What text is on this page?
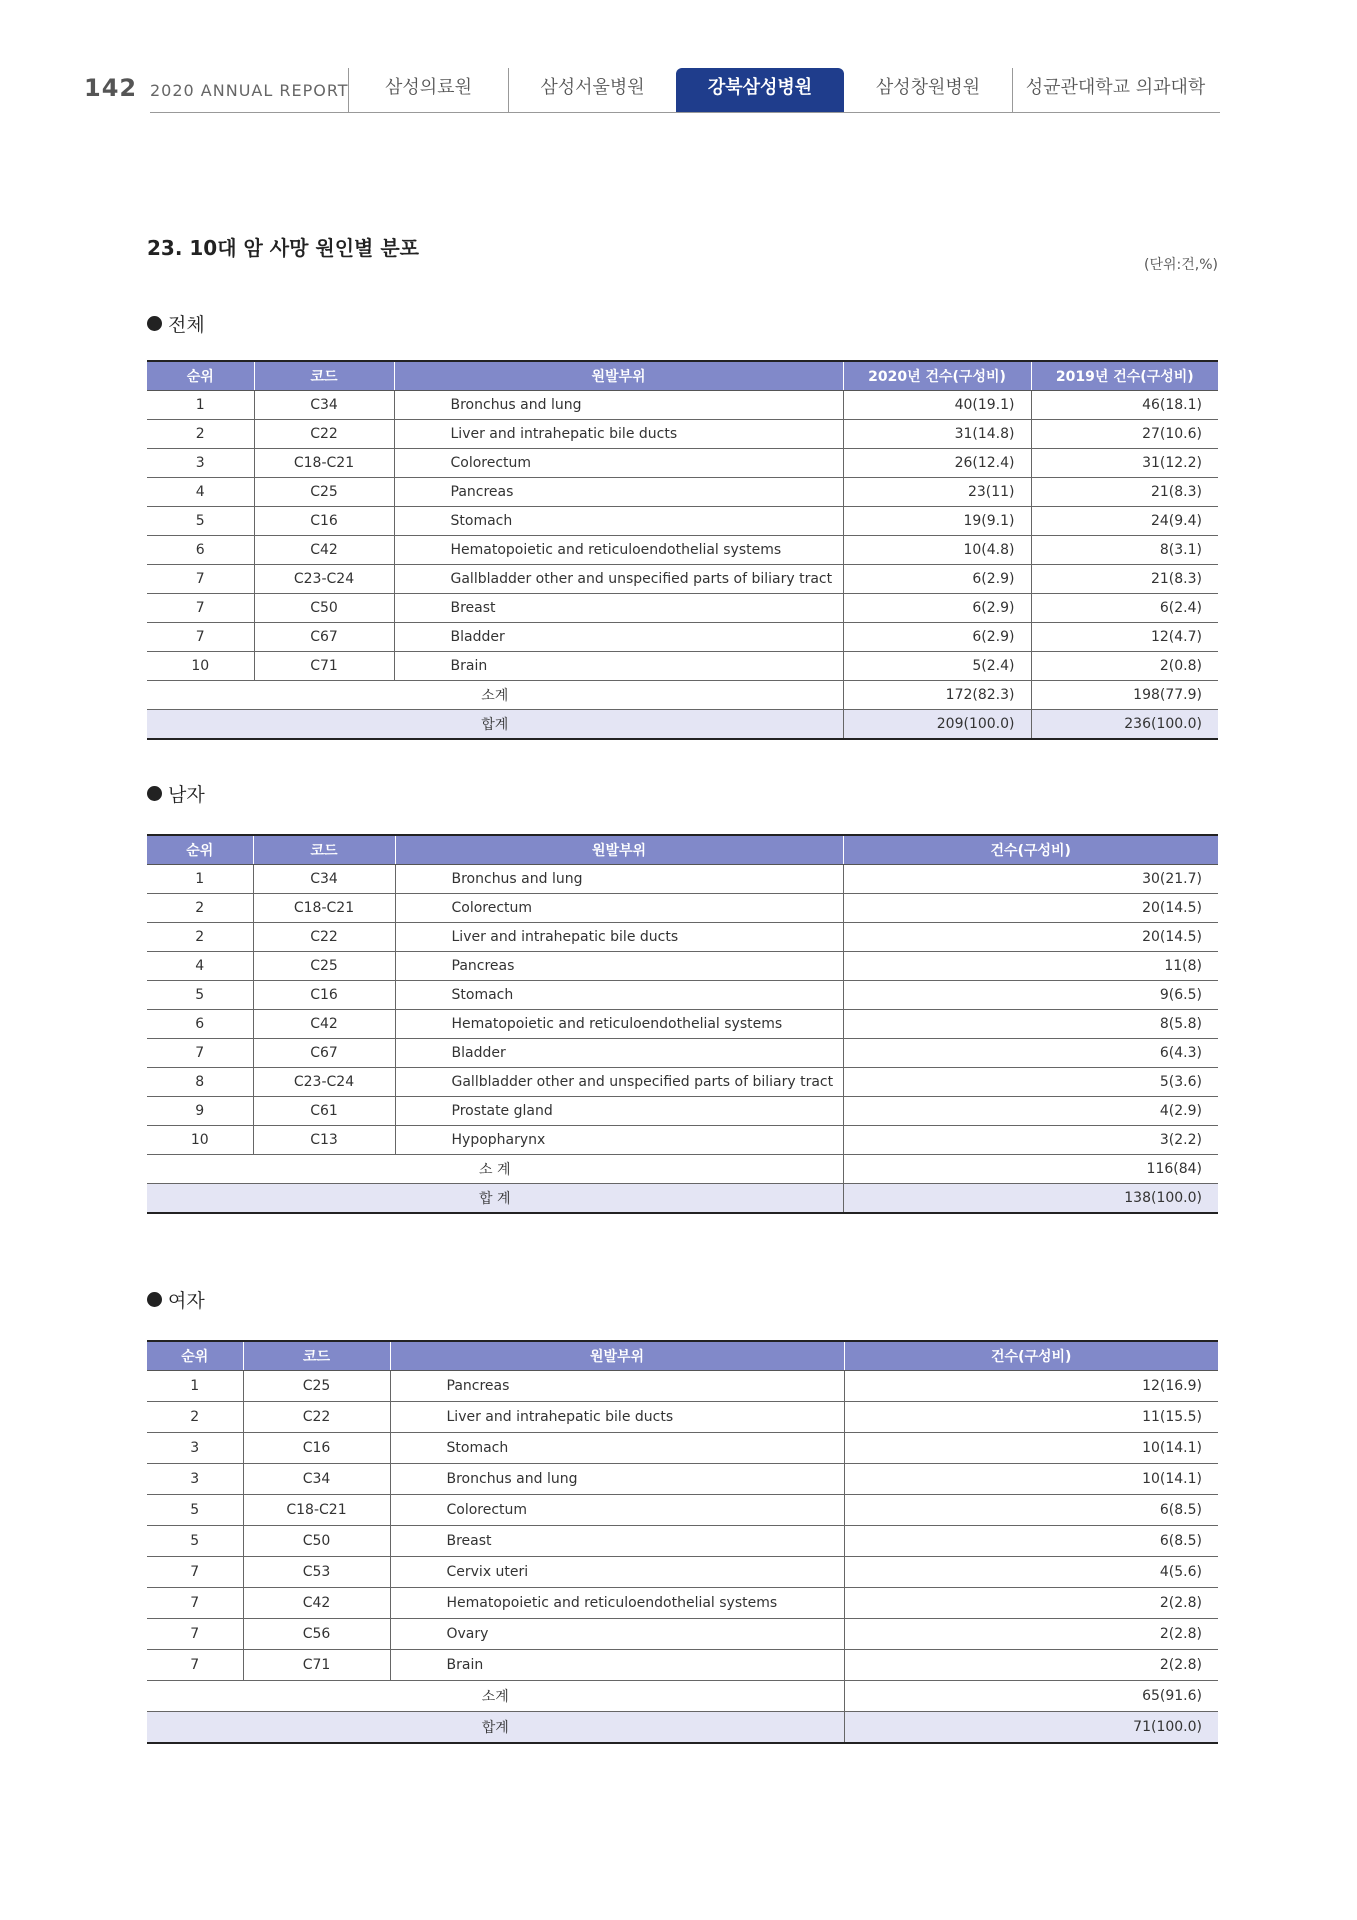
142 2020 ANNUAL REPORT	삼성의료원	삼성서울병원	강북삼성병원	삼성창원병원	성균관대학교 의과대학
23. 10대 암 사망 원인별 분포
(단위:건,%)
전체
순위	코드	원발부위	2020년 건수(구성비)	2019년 건수(구성비)
1	C34	Bronchus and lung	40(19.1)	46(18.1)
2	C22	Liver and intrahepatic bile ducts	31(14.8)	27(10.6)
3	C18-C21	Colorectum	26(12.4)	31(12.2)
4	C25	Pancreas	23(11)	21(8.3)
5	C16	Stomach	19(9.1)	24(9.4)
6	C42	Hematopoietic and reticuloendothelial systems	10(4.8)	8(3.1)
7	C23-C24	Gallbladder other and unspecified parts of biliary tract	6(2.9)	21(8.3)
7	C50	Breast	6(2.9)	6(2.4)
7	C67	Bladder	6(2.9)	12(4.7)
10	C71	Brain	5(2.4)	2(0.8)
소계			172(82.3)	198(77.9)
합계			209(100.0)	236(100.0)
남자
순위	코드	원발부위	건수(구성비)
1	C34	Bronchus and lung	30(21.7)
2	C18-C21	Colorectum	20(14.5)
2	C22	Liver and intrahepatic bile ducts	20(14.5)
4	C25	Pancreas	11(8)
5	C16	Stomach	9(6.5)
6	C42	Hematopoietic and reticuloendothelial systems	8(5.8)
7	C67	Bladder	6(4.3)
8	C23-C24	Gallbladder other and unspecified parts of biliary tract	5(3.6)
9	C61	Prostate gland	4(2.9)
10	C13	Hypopharynx	3(2.2)
소 계			116(84)
합 계			138(100.0)
여자
순위	코드	원발부위	건수(구성비)
1	C25	Pancreas	12(16.9)
2	C22	Liver and intrahepatic bile ducts	11(15.5)
3	C16	Stomach	10(14.1)
3	C34	Bronchus and lung	10(14.1)
5	C18-C21	Colorectum	6(8.5)
5	C50	Breast	6(8.5)
7	C53	Cervix uteri	4(5.6)
7	C42	Hematopoietic and reticuloendothelial systems	2(2.8)
7	C56	Ovary	2(2.8)
7	C71	Brain	2(2.8)
소계			65(91.6)
합계			71(100.0)
